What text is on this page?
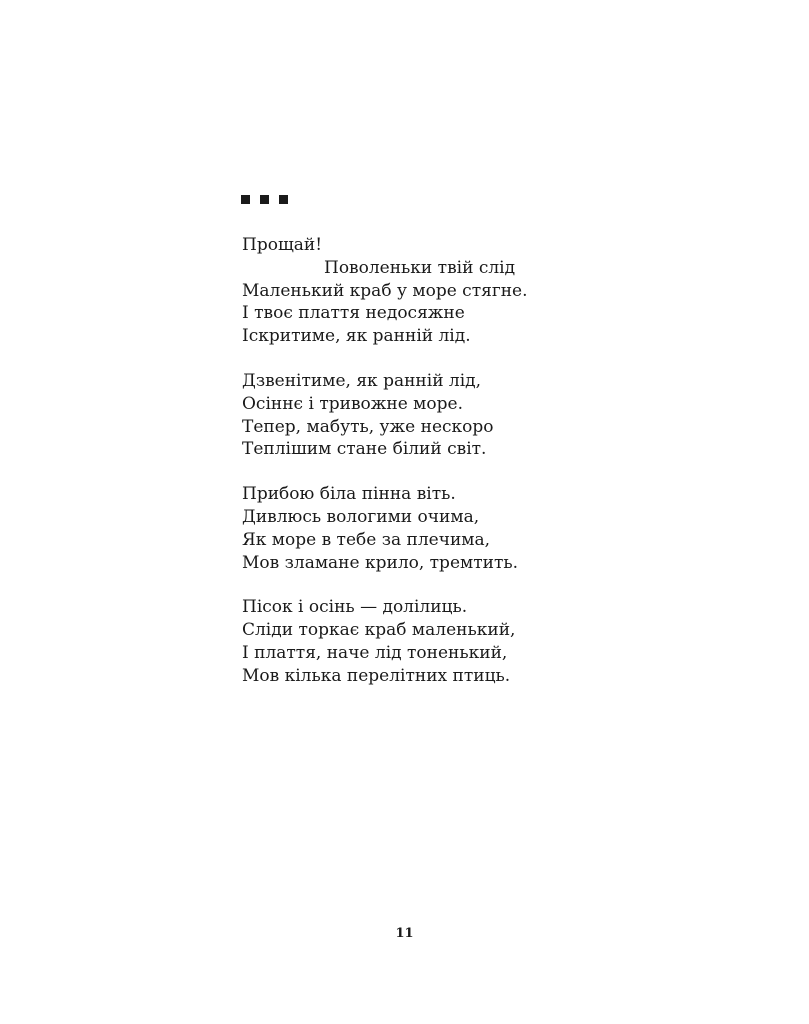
Прощай!
Поволеньки твій слід
Маленький краб у море стягне.
І твоє плаття недосяжне
Іскритиме, як ранній лід.
Дзвенітиме, як ранній лід,
Осіннє і тривожне море.
Тепер, мабуть, уже нескоро
Теплішим стане білий світ.
Прибою біла пінна віть.
Дивлюсь вологими очима,
Як море в тебе за плечима,
Мов зламане крило, тремтить.
Пісок і осінь — долілиць.
Сліди торкає краб маленький,
І плаття, наче лід тоненький,
Мов кілька перелітних птиць.
11
